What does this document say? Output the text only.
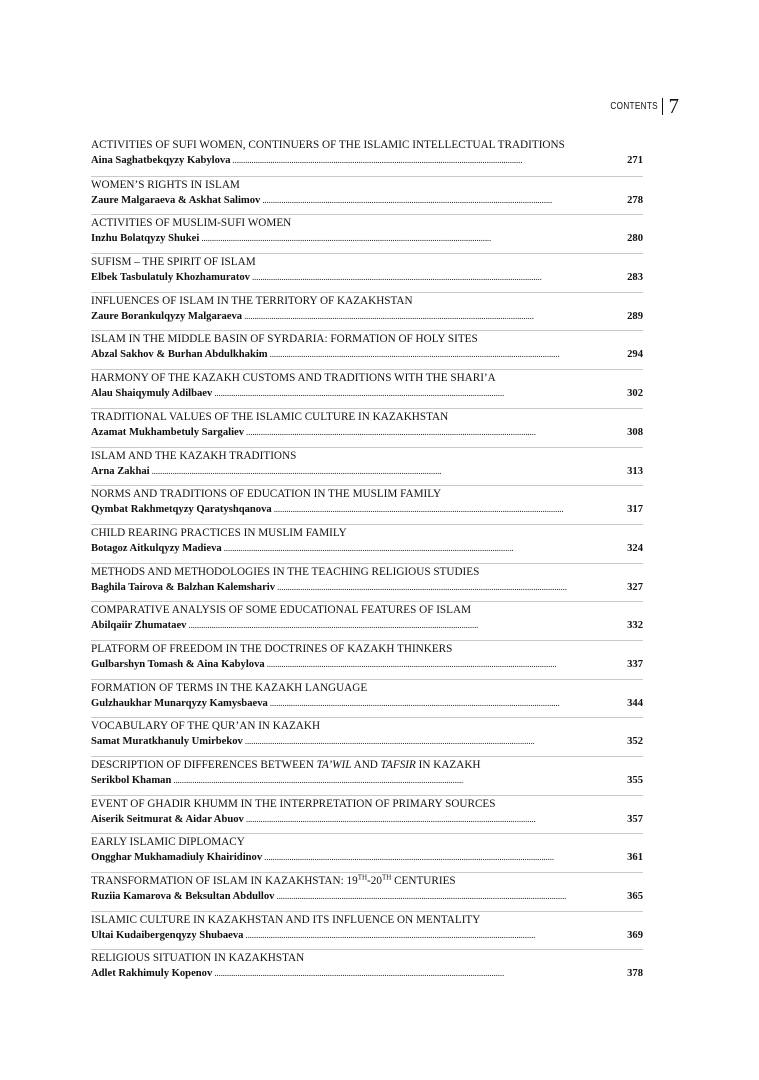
CONTENTS 7
ACTIVITIES OF SUFI WOMEN, CONTINUERS OF THE ISLAMIC INTELLECTUAL TRADITIONS
Aina Saghatbekqyzy Kabylova . . .	271
WOMEN’S RIGHTS IN ISLAM
Zaure Malgaraeva & Askhat Salimov . . .	278
ACTIVITIES OF MUSLIM-SUFI WOMEN
Inzhu Bolatqyzy Shukei . . .	280
SUFISM – THE SPIRIT OF ISLAM
Elbek Tasbulatuly Khozhamuratov . . .	283
INFLUENCES OF ISLAM IN THE TERRITORY OF KAZAKHSTAN
Zaure Borankulqyzy Malgaraeva . . .	289
ISLAM IN THE MIDDLE BASIN OF SYRDARIA: FORMATION OF HOLY SITES
Abzal Sakhov & Burhan Abdulkhakim . . .	294
HARMONY OF THE KAZAKH CUSTOMS AND TRADITIONS WITH THE SHARI’A
Alau Shaiqymuly Adilbaev . . .	302
TRADITIONAL VALUES OF THE ISLAMIC CULTURE IN KAZAKHSTAN
Azamat Mukhambetuly Sargaliev . . .	308
ISLAM AND THE KAZAKH TRADITIONS
Arna Zakhai . . .	313
NORMS AND TRADITIONS OF EDUCATION IN THE MUSLIM FAMILY
Qymbat Rakhmetqyzy Qaratyshqanova . . .	317
CHILD REARING PRACTICES IN MUSLIM FAMILY
Botagoz Aitkulqyzy Madieva . . .	324
METHODS AND METHODOLOGIES IN THE TEACHING RELIGIOUS STUDIES
Baghila Tairova & Balzhan Kalemshariv . . .	327
COMPARATIVE ANALYSIS OF SOME EDUCATIONAL FEATURES OF ISLAM
Abilqaiir Zhumataev . . .	332
PLATFORM OF FREEDOM IN THE DOCTRINES OF KAZAKH THINKERS
Gulbarshyn Tomash & Aina Kabylova . . .	337
FORMATION OF TERMS IN THE KAZAKH LANGUAGE
Gulzhaukhar Munarqyzy Kamysbaeva . . .	344
VOCABULARY OF THE QUR’AN IN KAZAKH
Samat Muratkhanuly Umirbekov . . .	352
DESCRIPTION OF DIFFERENCES BETWEEN TA’WIL AND TAFSIR IN KAZAKH
Serikbol Khaman . . .	355
EVENT OF GHADIR KHUMM IN THE INTERPRETATION OF PRIMARY SOURCES
Aiserik Seitmurat & Aidar Abuov . . .	357
EARLY ISLAMIC DIPLOMACY
Ongghar Mukhamadiuly Khairidinov . . .	361
TRANSFORMATION OF ISLAM IN KAZAKHSTAN: 19TH-20TH CENTURIES
Ruziia Kamarova & Beksultan Abdullov . . .	365
ISLAMIC CULTURE IN KAZAKHSTAN AND ITS INFLUENCE ON MENTALITY
Ultai Kudaibergenqyzy Shubaeva . . .	369
RELIGIOUS SITUATION IN KAZAKHSTAN
Adlet Rakhimuly Kopenov . . .	378
